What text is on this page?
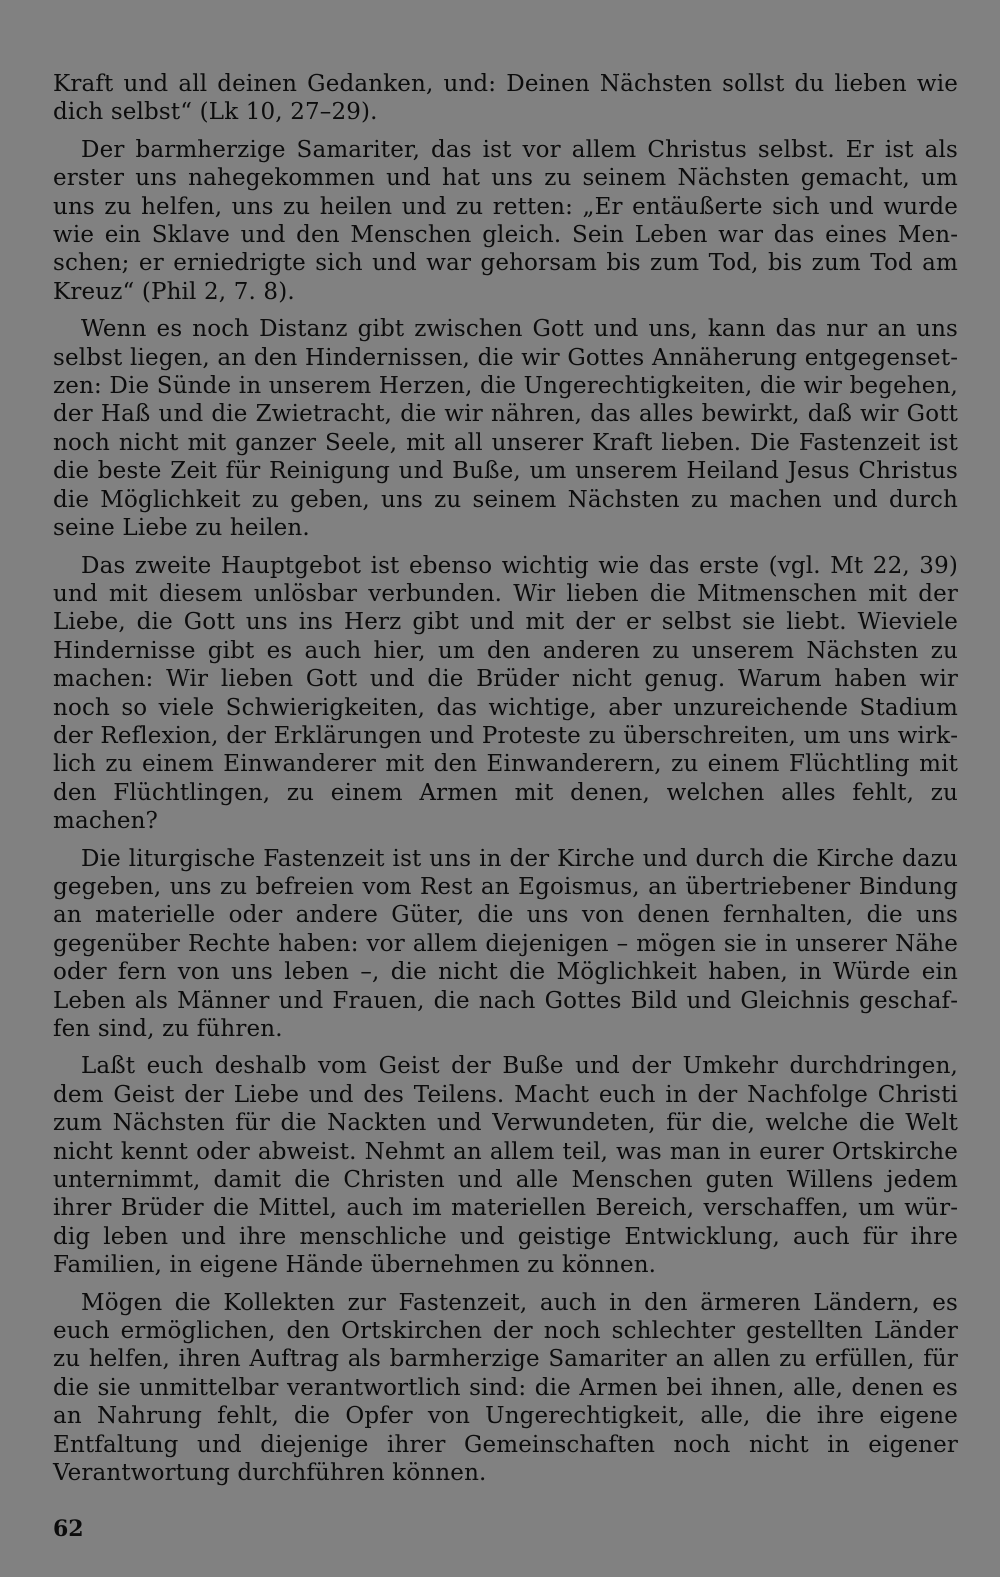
Kraft und all deinen Gedanken, und: Deinen Nächsten sollst du lieben wie dich selbst“ (Lk 10, 27–29).

Der barmherzige Samariter, das ist vor allem Christus selbst. Er ist als erster uns nahegekommen und hat uns zu seinem Nächsten gemacht, um uns zu helfen, uns zu heilen und zu retten: „Er entäußerte sich und wurde wie ein Sklave und den Menschen gleich. Sein Leben war das eines Menschen; er erniedrigte sich und war gehorsam bis zum Tod, bis zum Tod am Kreuz“ (Phil 2, 7. 8).

Wenn es noch Distanz gibt zwischen Gott und uns, kann das nur an uns selbst liegen, an den Hindernissen, die wir Gottes Annäherung entgegensetzen: Die Sünde in unserem Herzen, die Ungerechtigkeiten, die wir begehen, der Haß und die Zwietracht, die wir nähren, das alles bewirkt, daß wir Gott noch nicht mit ganzer Seele, mit all unserer Kraft lieben. Die Fastenzeit ist die beste Zeit für Reinigung und Buße, um unserem Heiland Jesus Christus die Möglichkeit zu geben, uns zu seinem Nächsten zu machen und durch seine Liebe zu heilen.

Das zweite Hauptgebot ist ebenso wichtig wie das erste (vgl. Mt 22, 39) und mit diesem unlösbar verbunden. Wir lieben die Mitmenschen mit der Liebe, die Gott uns ins Herz gibt und mit der er selbst sie liebt. Wieviele Hindernisse gibt es auch hier, um den anderen zu unserem Nächsten zu machen: Wir lieben Gott und die Brüder nicht genug. Warum haben wir noch so viele Schwierigkeiten, das wichtige, aber unzureichende Stadium der Reflexion, der Erklärungen und Proteste zu überschreiten, um uns wirklich zu einem Einwanderer mit den Einwanderern, zu einem Flüchtling mit den Flüchtlingen, zu einem Armen mit denen, welchen alles fehlt, zu machen?

Die liturgische Fastenzeit ist uns in der Kirche und durch die Kirche dazu gegeben, uns zu befreien vom Rest an Egoismus, an übertriebener Bindung an materielle oder andere Güter, die uns von denen fernhalten, die uns gegenüber Rechte haben: vor allem diejenigen – mögen sie in unserer Nähe oder fern von uns leben –, die nicht die Möglichkeit haben, in Würde ein Leben als Männer und Frauen, die nach Gottes Bild und Gleichnis geschaffen sind, zu führen.

Laßt euch deshalb vom Geist der Buße und der Umkehr durchdringen, dem Geist der Liebe und des Teilens. Macht euch in der Nachfolge Christi zum Nächsten für die Nackten und Verwundeten, für die, welche die Welt nicht kennt oder abweist. Nehmt an allem teil, was man in eurer Ortskirche unternimmt, damit die Christen und alle Menschen guten Willens jedem ihrer Brüder die Mittel, auch im materiellen Bereich, verschaffen, um würdig leben und ihre menschliche und geistige Entwicklung, auch für ihre Familien, in eigene Hände übernehmen zu können.

Mögen die Kollekten zur Fastenzeit, auch in den ärmeren Ländern, es euch ermöglichen, den Ortskirchen der noch schlechter gestellten Länder zu helfen, ihren Auftrag als barmherzige Samariter an allen zu erfüllen, für die sie unmittelbar verantwortlich sind: die Armen bei ihnen, alle, denen es an Nahrung fehlt, die Opfer von Ungerechtigkeit, alle, die ihre eigene Entfaltung und diejenige ihrer Gemeinschaften noch nicht in eigener Verantwortung durchführen können.

62
